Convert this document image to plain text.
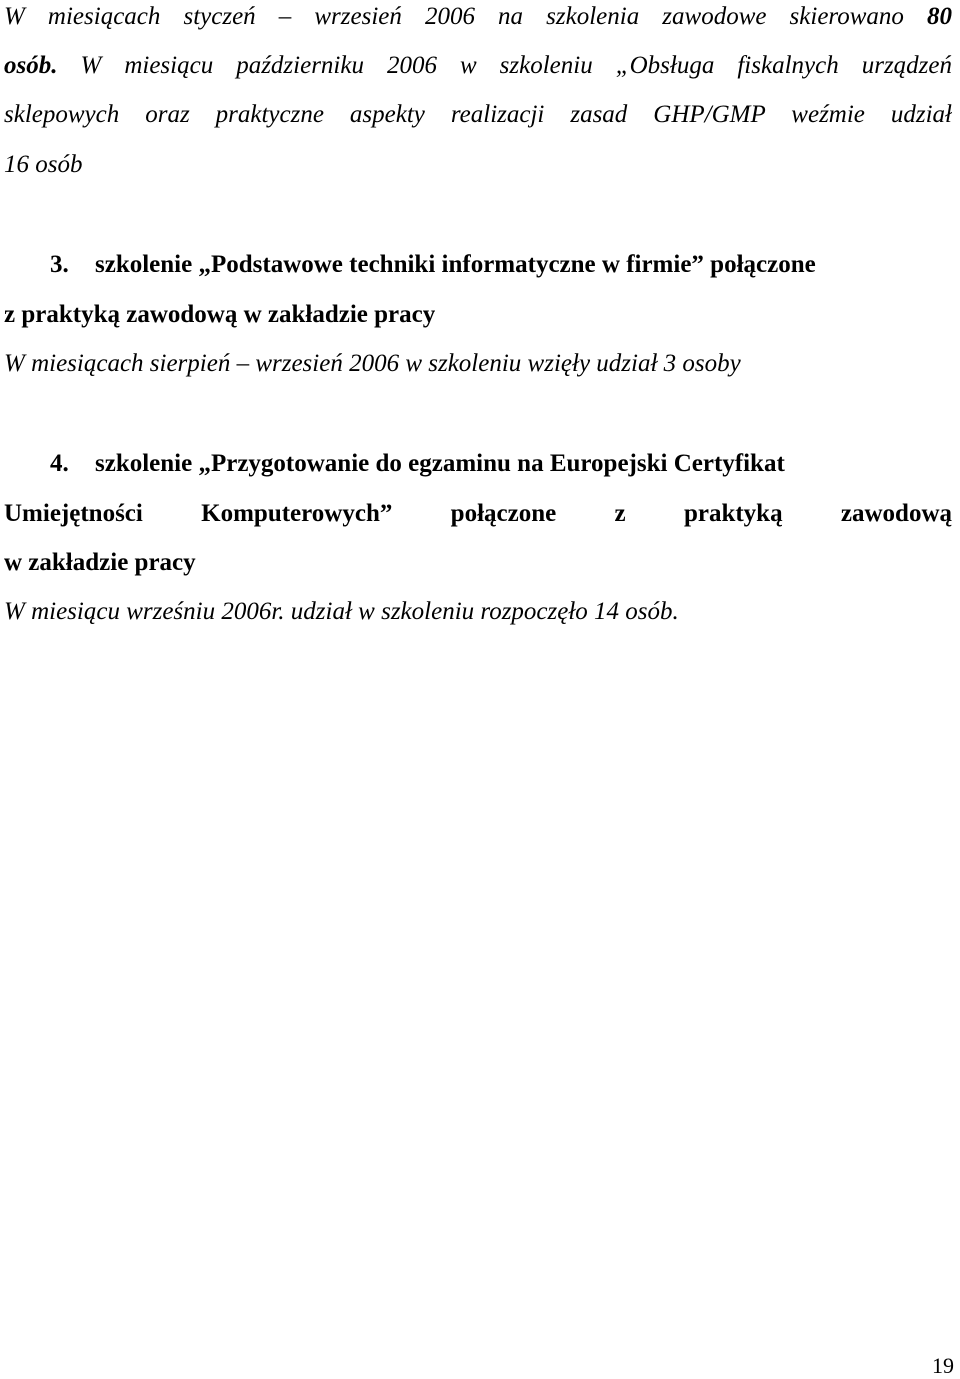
W miesiącach styczeń – wrzesień 2006 na szkolenia zawodowe skierowano 80
osób. W miesiącu październiku 2006 w szkoleniu „Obsługa fiskalnych urządzeń
sklepowych oraz praktyczne aspekty realizacji zasad GHP/GMP weźmie udział
16 osób
3. szkolenie „Podstawowe techniki informatyczne w firmie” połączone
z praktyką zawodową w zakładzie pracy
W miesiącach sierpień – wrzesień 2006 w szkoleniu wzięły udział 3 osoby
4. szkolenie „Przygotowanie do egzaminu na Europejski Certyfikat
Umiejętności Komputerowych” połączone z praktyką zawodową
w zakładzie pracy
W miesiącu wrześniu 2006r. udział w szkoleniu rozpoczęło 14 osób.
19
